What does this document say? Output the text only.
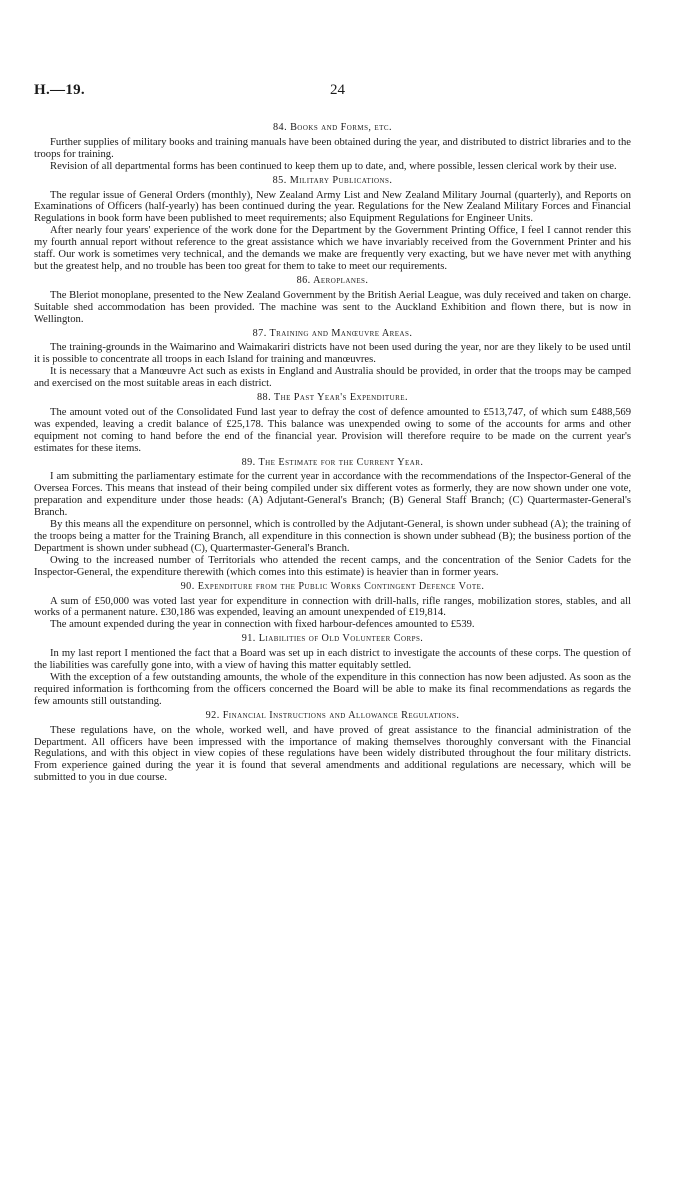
H.—19.	24
84. Books and Forms, etc.

Further supplies of military books and training manuals have been obtained during the year, and distributed to district libraries and to the troops for training.

Revision of all departmental forms has been continued to keep them up to date, and, where possible, lessen clerical work by their use.

85. Military Publications.

The regular issue of General Orders (monthly), New Zealand Army List and New Zealand Military Journal (quarterly), and Reports on Examinations of Officers (half-yearly) has been continued during the year. Regulations for the New Zealand Military Forces and Financial Regulations in book form have been published to meet requirements; also Equipment Regulations for Engineer Units.

After nearly four years' experience of the work done for the Department by the Government Printing Office, I feel I cannot render this my fourth annual report without reference to the great assistance which we have invariably received from the Government Printer and his staff. Our work is sometimes very technical, and the demands we make are frequently very exacting, but we have never met with anything but the greatest help, and no trouble has been too great for them to take to meet our requirements.

86. Aeroplanes.

The Bleriot monoplane, presented to the New Zealand Government by the British Aerial League, was duly received and taken on charge. Suitable shed accommodation has been provided. The machine was sent to the Auckland Exhibition and flown there, but is now in Wellington.

87. Training and Manœuvre Areas.

The training-grounds in the Waimarino and Waimakariri districts have not been used during the year, nor are they likely to be used until it is possible to concentrate all troops in each Island for training and manœuvres.

It is necessary that a Manœuvre Act such as exists in England and Australia should be provided, in order that the troops may be camped and exercised on the most suitable areas in each district.

88. The Past Year's Expenditure.

The amount voted out of the Consolidated Fund last year to defray the cost of defence amounted to £513,747, of which sum £488,569 was expended, leaving a credit balance of £25,178. This balance was unexpended owing to some of the accounts for arms and other equipment not coming to hand before the end of the financial year. Provision will therefore require to be made on the current year's estimates for these items.

89. The Estimate for the Current Year.

I am submitting the parliamentary estimate for the current year in accordance with the recommendations of the Inspector-General of the Oversea Forces. This means that instead of their being compiled under six different votes as formerly, they are now shown under one vote, preparation and expenditure under those heads: (A) Adjutant-General's Branch; (B) General Staff Branch; (C) Quartermaster-General's Branch.

By this means all the expenditure on personnel, which is controlled by the Adjutant-General, is shown under subhead (A); the training of the troops being a matter for the Training Branch, all expenditure in this connection is shown under subhead (B); the business portion of the Department is shown under subhead (C), Quartermaster-General's Branch.

Owing to the increased number of Territorials who attended the recent camps, and the concentration of the Senior Cadets for the Inspector-General, the expenditure therewith (which comes into this estimate) is heavier than in former years.

90. Expenditure from the Public Works Contingent Defence Vote.

A sum of £50,000 was voted last year for expenditure in connection with drill-halls, rifle ranges, mobilization stores, stables, and all works of a permanent nature. £30,186 was expended, leaving an amount unexpended of £19,814.

The amount expended during the year in connection with fixed harbour-defences amounted to £539.

91. Liabilities of Old Volunteer Corps.

In my last report I mentioned the fact that a Board was set up in each district to investigate the accounts of these corps. The question of the liabilities was carefully gone into, with a view of having this matter equitably settled.

With the exception of a few outstanding amounts, the whole of the expenditure in this connection has now been adjusted. As soon as the required information is forthcoming from the officers concerned the Board will be able to make its final recommendations as regards the few amounts still outstanding.

92. Financial Instructions and Allowance Regulations.

These regulations have, on the whole, worked well, and have proved of great assistance to the financial administration of the Department. All officers have been impressed with the importance of making themselves thoroughly conversant with the Financial Regulations, and with this object in view copies of these regulations have been widely distributed throughout the four military districts. From experience gained during the year it is found that several amendments and additional regulations are necessary, which will be submitted to you in due course.
